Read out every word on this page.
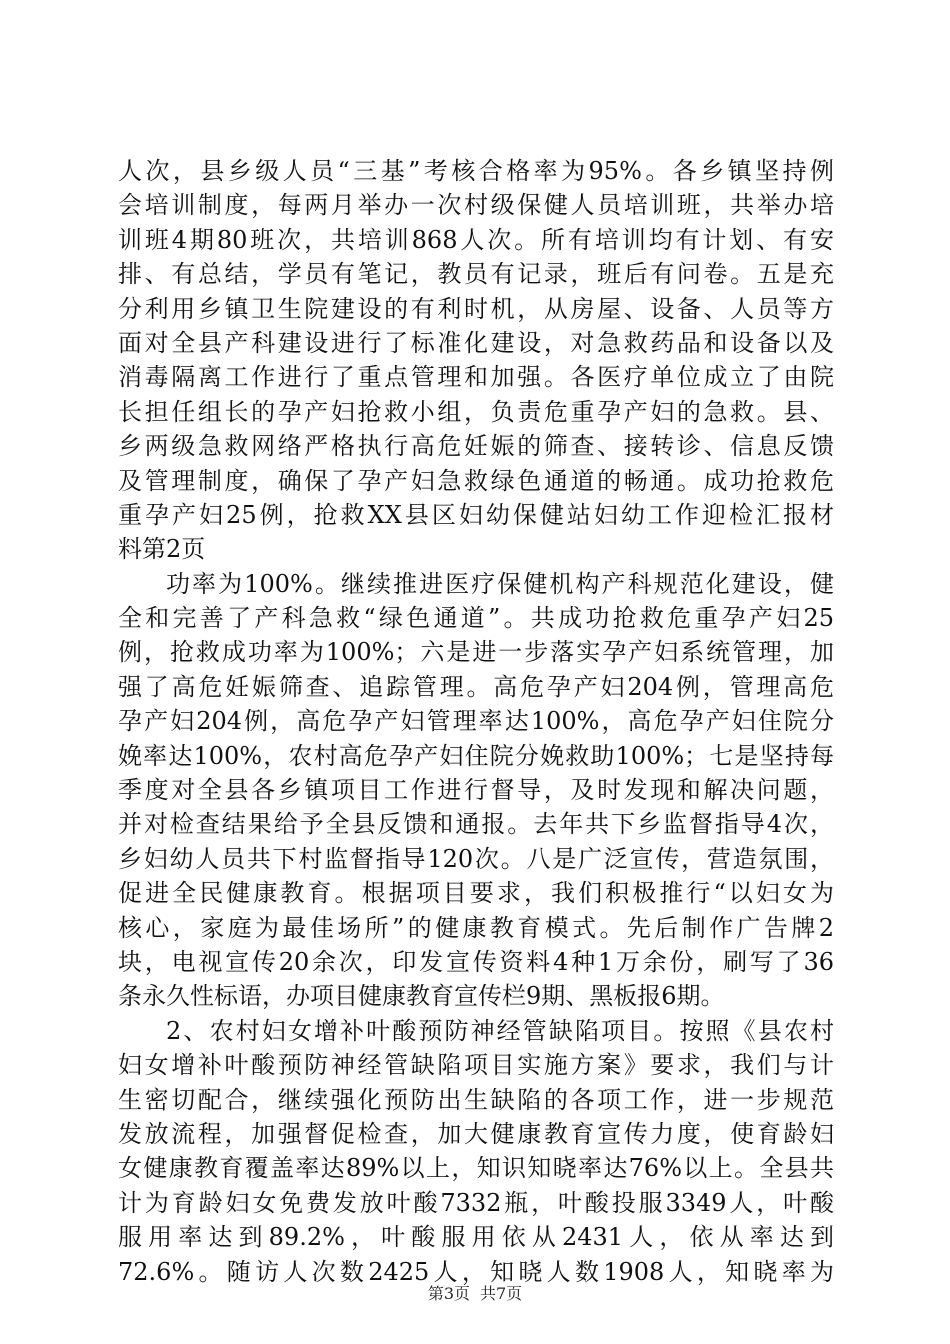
人次，县乡级人员“三基”考核合格率为95%。各乡镇坚持例
会培训制度，每两月举办一次村级保健人员培训班，共举办培
训班4期80班次，共培训868人次。所有培训均有计划、有安
排、有总结，学员有笔记，教员有记录，班后有问卷。五是充
分利用乡镇卫生院建设的有利时机，从房屋、设备、人员等方
面对全县产科建设进行了标准化建设，对急救药品和设备以及
消毒隔离工作进行了重点管理和加强。各医疗单位成立了由院
长担任组长的孕产妇抢救小组，负责危重孕产妇的急救。县、
乡两级急救网络严格执行高危妊娠的筛查、接转诊、信息反馈
及管理制度，确保了孕产妇急救绿色通道的畅通。成功抢救危
重孕产妇25例，抢救XX县区妇幼保健站妇幼工作迎检汇报材
料第2页
功率为100%。继续推进医疗保健机构产科规范化建设，健
全和完善了产科急救“绿色通道”。共成功抢救危重孕产妇25
例，抢救成功率为100%；六是进一步落实孕产妇系统管理，加
强了高危妊娠筛查、追踪管理。高危孕产妇204例，管理高危
孕产妇204例，高危孕产妇管理率达100%，高危孕产妇住院分
娩率达100%，农村高危孕产妇住院分娩救助100%；七是坚持每
季度对全县各乡镇项目工作进行督导，及时发现和解决问题，
并对检查结果给予全县反馈和通报。去年共下乡监督指导4次，
乡妇幼人员共下村监督指导120次。八是广泛宣传，营造氛围，
促进全民健康教育。根据项目要求，我们积极推行“以妇女为
核心，家庭为最佳场所”的健康教育模式。先后制作广告牌2
块，电视宣传20余次，印发宣传资料4种1万余份，刷写了36
条永久性标语，办项目健康教育宣传栏9期、黑板报6期。
2、农村妇女增补叶酸预防神经管缺陷项目。按照《县农村
妇女增补叶酸预防神经管缺陷项目实施方案》要求，我们与计
生密切配合，继续强化预防出生缺陷的各项工作，进一步规范
发放流程，加强督促检查，加大健康教育宣传力度，使育龄妇
女健康教育覆盖率达89%以上，知识知晓率达76%以上。全县共
计为育龄妇女免费发放叶酸7332瓶，叶酸投服3349人，叶酸
服用率达到89.2%，叶酸服用依从2431人，依从率达到
72.6%。随访人次数2425人，知晓人数1908人，知晓率为
第3页 共7页
